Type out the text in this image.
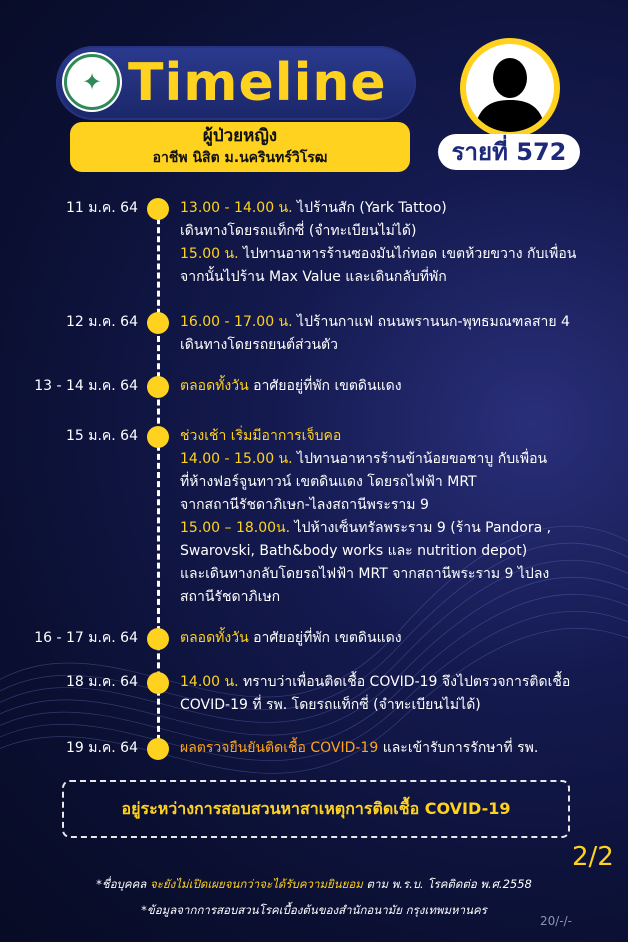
✦ Timeline
ผู้ป่วยหญิง
อาชีพ นิสิต ม.นครินทร์วิโรฒ	รายที่ 572
11 ม.ค. 64	13.00 - 14.00 น. ไปร้านสัก (Yark Tattoo)
เดินทางโดยรถแท็กซี่ (จำทะเบียนไม่ได้)
15.00 น. ไปทานอาหารร้านซองมันไก่ทอด เขตห้วยขวาง กับเพื่อน
จากนั้นไปร้าน Max Value และเดินกลับที่พัก
12 ม.ค. 64	16.00 - 17.00 น. ไปร้านกาแฟ ถนนพรานนก-พุทธมณฑลสาย 4
เดินทางโดยรถยนต์ส่วนตัว
13 - 14 ม.ค. 64	ตลอดทั้งวัน อาศัยอยู่ที่พัก เขตดินแดง
15 ม.ค. 64	ช่วงเช้า เริ่มมีอาการเจ็บคอ
14.00 - 15.00 น. ไปทานอาหารร้านข้าน้อยขอชาบู กับเพื่อน
ที่ห้างฟอร์จูนทาวน์ เขตดินแดง โดยรถไฟฟ้า MRT
จากสถานีรัชดาภิเษก-ไลงสถานีพระราม 9
15.00 – 18.00น. ไปห้างเซ็นทรัลพระราม 9 (ร้าน Pandora ,
Swarovski, Bath&body works และ nutrition depot)
และเดินทางกลับโดยรถไฟฟ้า MRT จากสถานีพระราม 9 ไปลง
สถานีรัชดาภิเษก
16 - 17 ม.ค. 64	ตลอดทั้งวัน อาศัยอยู่ที่พัก เขตดินแดง
18 ม.ค. 64	14.00 น. ทราบว่าเพื่อนติดเชื้อ COVID-19 จึงไปตรวจการติดเชื้อ
COVID-19 ที่ รพ. โดยรถแท็กซี่ (จำทะเบียนไม่ได้)
19 ม.ค. 64	ผลตรวจยืนยันติดเชื้อ COVID-19 และเข้ารับการรักษาที่ รพ.
อยู่ระหว่างการสอบสวนหาสาเหตุการติดเชื้อ COVID-19
2/2
*ชื่อบุคคล จะยังไม่เปิดเผยจนกว่าจะได้รับความยินยอม ตาม พ.ร.บ. โรคติดต่อ พ.ศ.2558
*ข้อมูลจากการสอบสวนโรคเบื้องต้นของสำนักอนามัย กรุงเทพมหานคร
20/-/-
